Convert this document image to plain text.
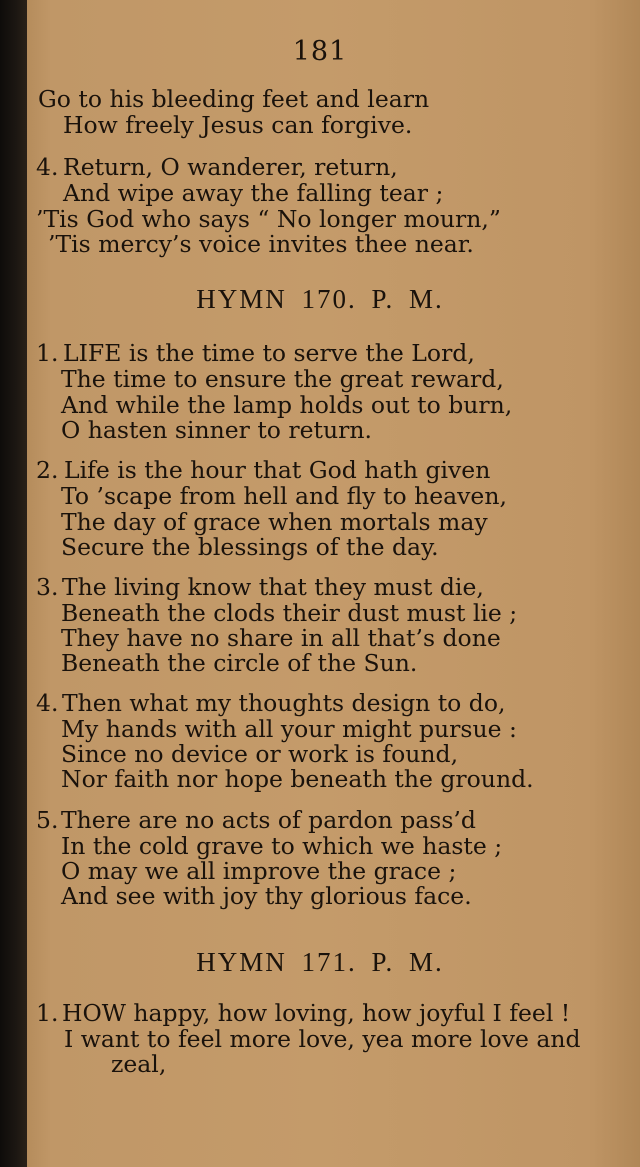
181
Go to his bleeding feet and learn
How freely Jesus can forgive.
4. Return, O wanderer, return,
And wipe away the falling tear ;
’Tis God who says “ No longer mourn,”
’Tis mercy’s voice invites thee near.
HYMN 170. P. M.
1. LIFE is the time to serve the Lord,
The time to ensure the great reward,
And while the lamp holds out to burn,
O hasten sinner to return.
2. Life is the hour that God hath given
To ’scape from hell and fly to heaven,
The day of grace when mortals may
Secure the blessings of the day.
3. The living know that they must die,
Beneath the clods their dust must lie ;
They have no share in all that’s done
Beneath the circle of the Sun.
4. Then what my thoughts design to do,
My hands with all your might pursue :
Since no device or work is found,
Nor faith nor hope beneath the ground.
5. There are no acts of pardon pass’d
In the cold grave to which we haste ;
O may we all improve the grace ;
And see with joy thy glorious face.
HYMN 171. P. M.
1. HOW happy, how loving, how joyful I feel !
I want to feel more love, yea more love and
zeal,
